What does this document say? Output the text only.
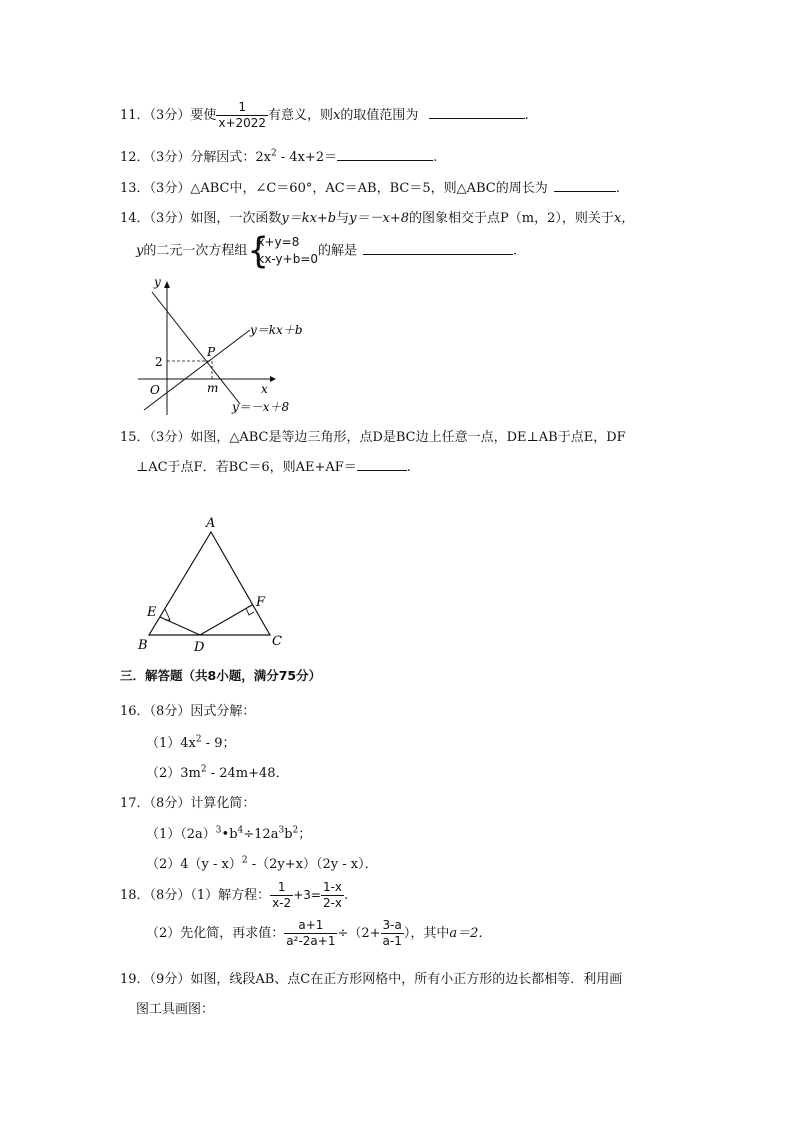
11．（3分）要使 $\frac{1}{x+2022}$ 有意义，则x的取值范围为	.
12．（3分）分解因式：$2x^2 - 4x+2=$	.
13．（3分）△ABC中，∠C＝60°，AC＝AB，BC＝5，则△ABC的周长为	.
14．（3分）如图，一次函数y＝kx+b与y＝－x+8的图象相交于点P（m，2），则关于x，
y的二元一次方程组 {
x+y=8
kx-y+b=0
的解是	.
y
x
O
2
m
P
y＝kx＋b
y＝－x＋8
15．（3分）如图，△ABC是等边三角形，点D是BC边上任意一点，DE⊥AB于点E，DF
⊥AC于点F．若BC＝6，则AE+AF＝	.
A
B	C
D
E
F
三．解答题（共8小题，满分75分）
16．（8分）因式分解：
$(1)4x^2 - 9$；
$(2)3m^2 - 24m+48$．
17．（8分）计算化简：
$(1)(2a)^3•b^4\div 12a^3b^2$；
（2）4（y - x）$^2$ -（2y+x）（2y - x）．
18．（8分）（1）解方程： $\frac{1}{x-2} +3= \frac{1-x}{2-x}$ .
（2）先化简，再求值： $\frac{a+1}{\text{a²-2a+1}} \div(2+ \frac{3-a}{a-1}$ ），其中a＝2．
19．（9分）如图，线段AB、点C在正方形网格中，所有小正方形的边长都相等．利用画
图工具画图：
